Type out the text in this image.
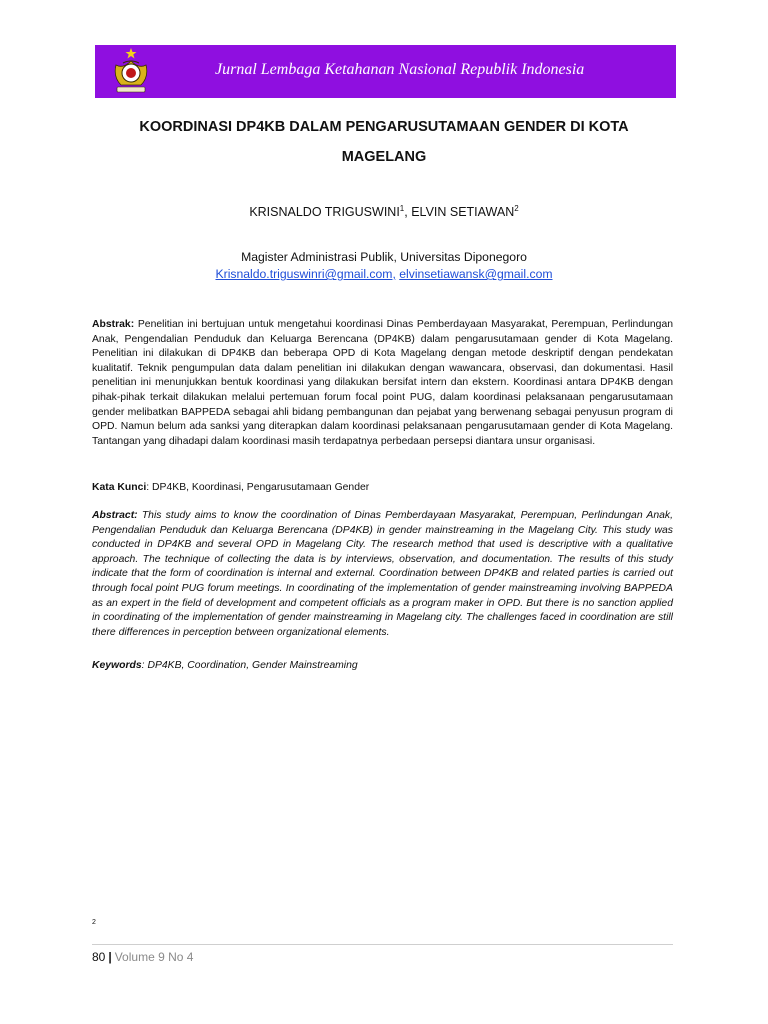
Jurnal Lembaga Ketahanan Nasional Republik Indonesia
KOORDINASI DP4KB DALAM PENGARUSUTAMAAN GENDER DI KOTA
MAGELANG
KRISNALDO TRIGUSWINI$^1$, ELVIN SETIAWAN$^2$
Magister Administrasi Publik, Universitas Diponegoro
Krisnaldo.triguswinri@gmail.com, elvinsetiawansk@gmail.com
Abstrak: Penelitian ini bertujuan untuk mengetahui koordinasi Dinas Pemberdayaan Masyarakat, Perempuan, Perlindungan Anak, Pengendalian Penduduk dan Keluarga Berencana (DP4KB) dalam pengarusutamaan gender di Kota Magelang. Penelitian ini dilakukan di DP4KB dan beberapa OPD di Kota Magelang dengan metode deskriptif dengan pendekatan kualitatif. Teknik pengumpulan data dalam penelitian ini dilakukan dengan wawancara, observasi, dan dokumentasi. Hasil penelitian ini menunjukkan bentuk koordinasi yang dilakukan bersifat intern dan ekstern. Koordinasi antara DP4KB dengan pihak-pihak terkait dilakukan melalui pertemuan forum focal point PUG, dalam koordinasi pelaksanaan pengarusutamaan gender melibatkan BAPPEDA sebagai ahli bidang pembangunan dan pejabat yang berwenang sebagai penyusun program di OPD. Namun belum ada sanksi yang diterapkan dalam koordinasi pelaksanaan pengarusutamaan gender di Kota Magelang. Tantangan yang dihadapi dalam koordinasi masih terdapatnya perbedaan persepsi diantara unsur organisasi.
Kata Kunci: DP4KB, Koordinasi, Pengarusutamaan Gender
Abstract: This study aims to know the coordination of Dinas Pemberdayaan Masyarakat, Perempuan, Perlindungan Anak, Pengendalian Penduduk dan Keluarga Berencana (DP4KB) in gender mainstreaming in the Magelang City. This study was conducted in DP4KB and several OPD in Magelang City. The research method that used is descriptive with a qualitative approach. The technique of collecting the data is by interviews, observation, and documentation. The results of this study indicate that the form of coordination is internal and external. Coordination between DP4KB and related parties is carried out through focal point PUG forum meetings. In coordinating of the implementation of gender mainstreaming involving BAPPEDA as an expert in the field of development and competent officials as a program maker in OPD. But there is no sanction applied in coordinating of the implementation of gender mainstreaming in Magelang city. The challenges faced in coordination are still there differences in perception between organizational elements.
Keywords: DP4KB, Coordination, Gender Mainstreaming
2
80 | Volume 9 No 4
